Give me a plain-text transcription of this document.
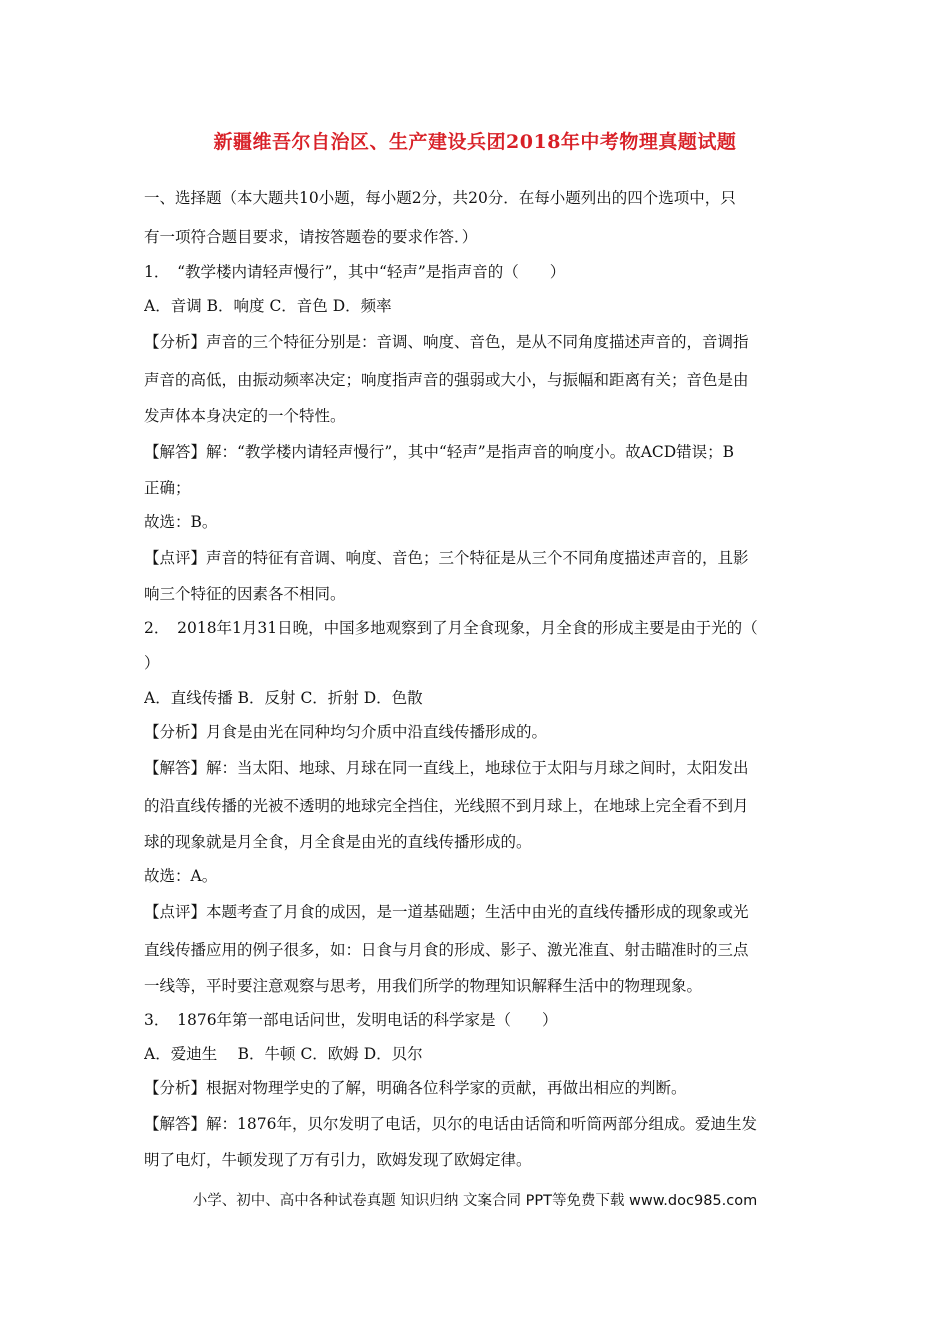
新疆维吾尔自治区、生产建设兵团2018年中考物理真题试题
一、选择题（本大题共10小题，每小题2分，共20分．在每小题列出的四个选项中，只
有一项符合题目要求，请按答题卷的要求作答．）
1．　“教学楼内请轻声慢行”，其中“轻声”是指声音的（　　）
A．音调 B．响度 C．音色 D．频率
【分析】声音的三个特征分别是：音调、响度、音色，是从不同角度描述声音的，音调指
声音的高低，由振动频率决定；响度指声音的强弱或大小，与振幅和距离有关；音色是由
发声体本身决定的一个特性。
【解答】解：“教学楼内请轻声慢行”，其中“轻声”是指声音的响度小。故ACD错误；B
正确；
故选：B。
【点评】声音的特征有音调、响度、音色；三个特征是从三个不同角度描述声音的，且影
响三个特征的因素各不相同。
2．　2018年1月31日晚，中国多地观察到了月全食现象，月全食的形成主要是由于光的（
）
A．直线传播 B．反射 C．折射 D．色散
【分析】月食是由光在同种均匀介质中沿直线传播形成的。
【解答】解：当太阳、地球、月球在同一直线上，地球位于太阳与月球之间时，太阳发出
的沿直线传播的光被不透明的地球完全挡住，光线照不到月球上，在地球上完全看不到月
球的现象就是月全食，月全食是由光的直线传播形成的。
故选：A。
【点评】本题考查了月食的成因，是一道基础题；生活中由光的直线传播形成的现象或光
直线传播应用的例子很多，如：日食与月食的形成、影子、激光准直、射击瞄准时的三点
一线等，平时要注意观察与思考，用我们所学的物理知识解释生活中的物理现象。
3．　1876年第一部电话问世，发明电话的科学家是（　　）
A．爱迪生　 B．牛顿 C．欧姆 D．贝尔
【分析】根据对物理学史的了解，明确各位科学家的贡献，再做出相应的判断。
【解答】解：1876年，贝尔发明了电话，贝尔的电话由话筒和听筒两部分组成。爱迪生发
明了电灯，牛顿发现了万有引力，欧姆发现了欧姆定律。
小学、初中、高中各种试卷真题 知识归纳 文案合同 PPT等免费下载 www.doc985.com
